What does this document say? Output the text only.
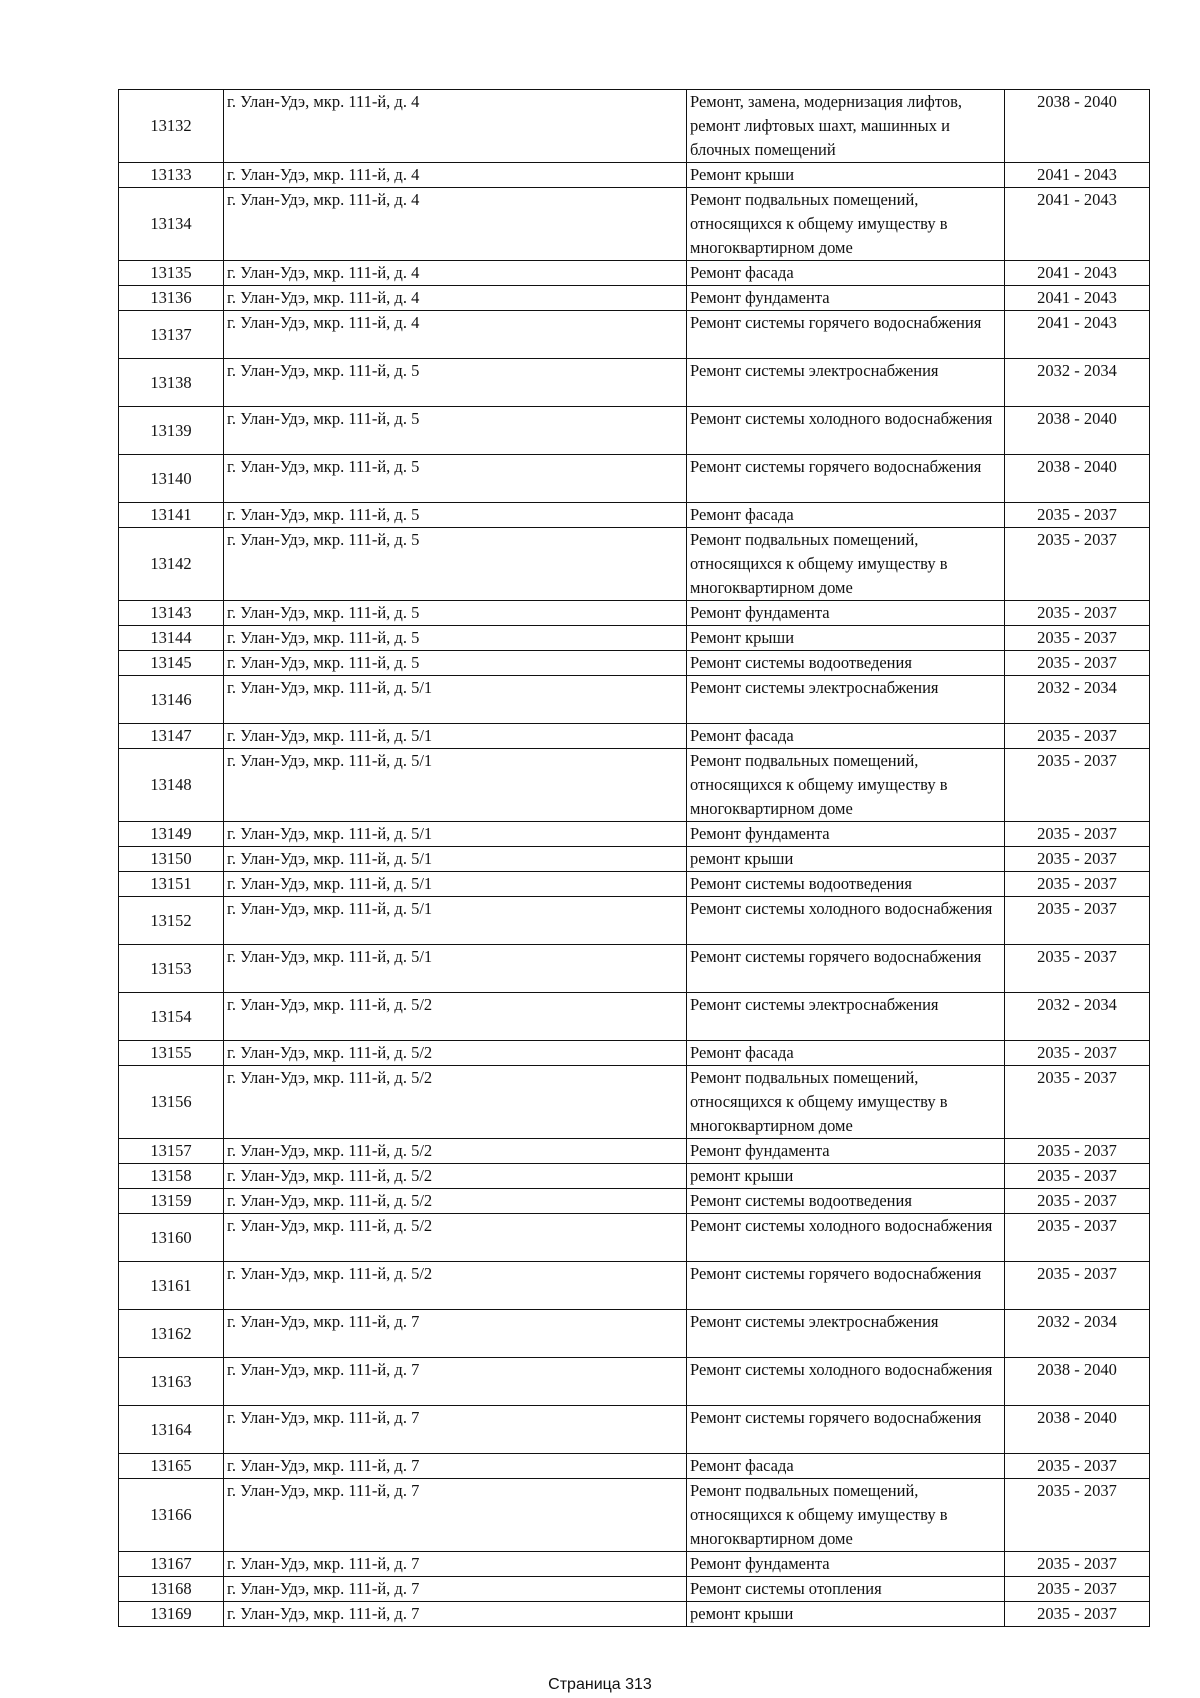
13132	г. Улан-Удэ, мкр. 111-й, д. 4	Ремонт, замена, модернизация лифтов, ремонт лифтовых шахт, машинных и блочных помещений	2038 - 2040
13133	г. Улан-Удэ, мкр. 111-й, д. 4	Ремонт крыши	2041 - 2043
13134	г. Улан-Удэ, мкр. 111-й, д. 4	Ремонт подвальных помещений, относящихся к общему имуществу в многоквартирном доме	2041 - 2043
13135	г. Улан-Удэ, мкр. 111-й, д. 4	Ремонт фасада	2041 - 2043
13136	г. Улан-Удэ, мкр. 111-й, д. 4	Ремонт фундамента	2041 - 2043
13137	г. Улан-Удэ, мкр. 111-й, д. 4	Ремонт системы горячего водоснабжения	2041 - 2043
13138	г. Улан-Удэ, мкр. 111-й, д. 5	Ремонт системы электроснабжения	2032 - 2034
13139	г. Улан-Удэ, мкр. 111-й, д. 5	Ремонт системы холодного водоснабжения	2038 - 2040
13140	г. Улан-Удэ, мкр. 111-й, д. 5	Ремонт системы горячего водоснабжения	2038 - 2040
13141	г. Улан-Удэ, мкр. 111-й, д. 5	Ремонт фасада	2035 - 2037
13142	г. Улан-Удэ, мкр. 111-й, д. 5	Ремонт подвальных помещений, относящихся к общему имуществу в многоквартирном доме	2035 - 2037
13143	г. Улан-Удэ, мкр. 111-й, д. 5	Ремонт фундамента	2035 - 2037
13144	г. Улан-Удэ, мкр. 111-й, д. 5	Ремонт крыши	2035 - 2037
13145	г. Улан-Удэ, мкр. 111-й, д. 5	Ремонт системы водоотведения	2035 - 2037
13146	г. Улан-Удэ, мкр. 111-й, д. 5/1	Ремонт системы электроснабжения	2032 - 2034
13147	г. Улан-Удэ, мкр. 111-й, д. 5/1	Ремонт фасада	2035 - 2037
13148	г. Улан-Удэ, мкр. 111-й, д. 5/1	Ремонт подвальных помещений, относящихся к общему имуществу в многоквартирном доме	2035 - 2037
13149	г. Улан-Удэ, мкр. 111-й, д. 5/1	Ремонт фундамента	2035 - 2037
13150	г. Улан-Удэ, мкр. 111-й, д. 5/1	ремонт крыши	2035 - 2037
13151	г. Улан-Удэ, мкр. 111-й, д. 5/1	Ремонт системы водоотведения	2035 - 2037
13152	г. Улан-Удэ, мкр. 111-й, д. 5/1	Ремонт системы холодного водоснабжения	2035 - 2037
13153	г. Улан-Удэ, мкр. 111-й, д. 5/1	Ремонт системы горячего водоснабжения	2035 - 2037
13154	г. Улан-Удэ, мкр. 111-й, д. 5/2	Ремонт системы электроснабжения	2032 - 2034
13155	г. Улан-Удэ, мкр. 111-й, д. 5/2	Ремонт фасада	2035 - 2037
13156	г. Улан-Удэ, мкр. 111-й, д. 5/2	Ремонт подвальных помещений, относящихся к общему имуществу в многоквартирном доме	2035 - 2037
13157	г. Улан-Удэ, мкр. 111-й, д. 5/2	Ремонт фундамента	2035 - 2037
13158	г. Улан-Удэ, мкр. 111-й, д. 5/2	ремонт крыши	2035 - 2037
13159	г. Улан-Удэ, мкр. 111-й, д. 5/2	Ремонт системы водоотведения	2035 - 2037
13160	г. Улан-Удэ, мкр. 111-й, д. 5/2	Ремонт системы холодного водоснабжения	2035 - 2037
13161	г. Улан-Удэ, мкр. 111-й, д. 5/2	Ремонт системы горячего водоснабжения	2035 - 2037
13162	г. Улан-Удэ, мкр. 111-й, д. 7	Ремонт системы электроснабжения	2032 - 2034
13163	г. Улан-Удэ, мкр. 111-й, д. 7	Ремонт системы холодного водоснабжения	2038 - 2040
13164	г. Улан-Удэ, мкр. 111-й, д. 7	Ремонт системы горячего водоснабжения	2038 - 2040
13165	г. Улан-Удэ, мкр. 111-й, д. 7	Ремонт фасада	2035 - 2037
13166	г. Улан-Удэ, мкр. 111-й, д. 7	Ремонт подвальных помещений, относящихся к общему имуществу в многоквартирном доме	2035 - 2037
13167	г. Улан-Удэ, мкр. 111-й, д. 7	Ремонт фундамента	2035 - 2037
13168	г. Улан-Удэ, мкр. 111-й, д. 7	Ремонт системы отопления	2035 - 2037
13169	г. Улан-Удэ, мкр. 111-й, д. 7	ремонт крыши	2035 - 2037
Страница 313
